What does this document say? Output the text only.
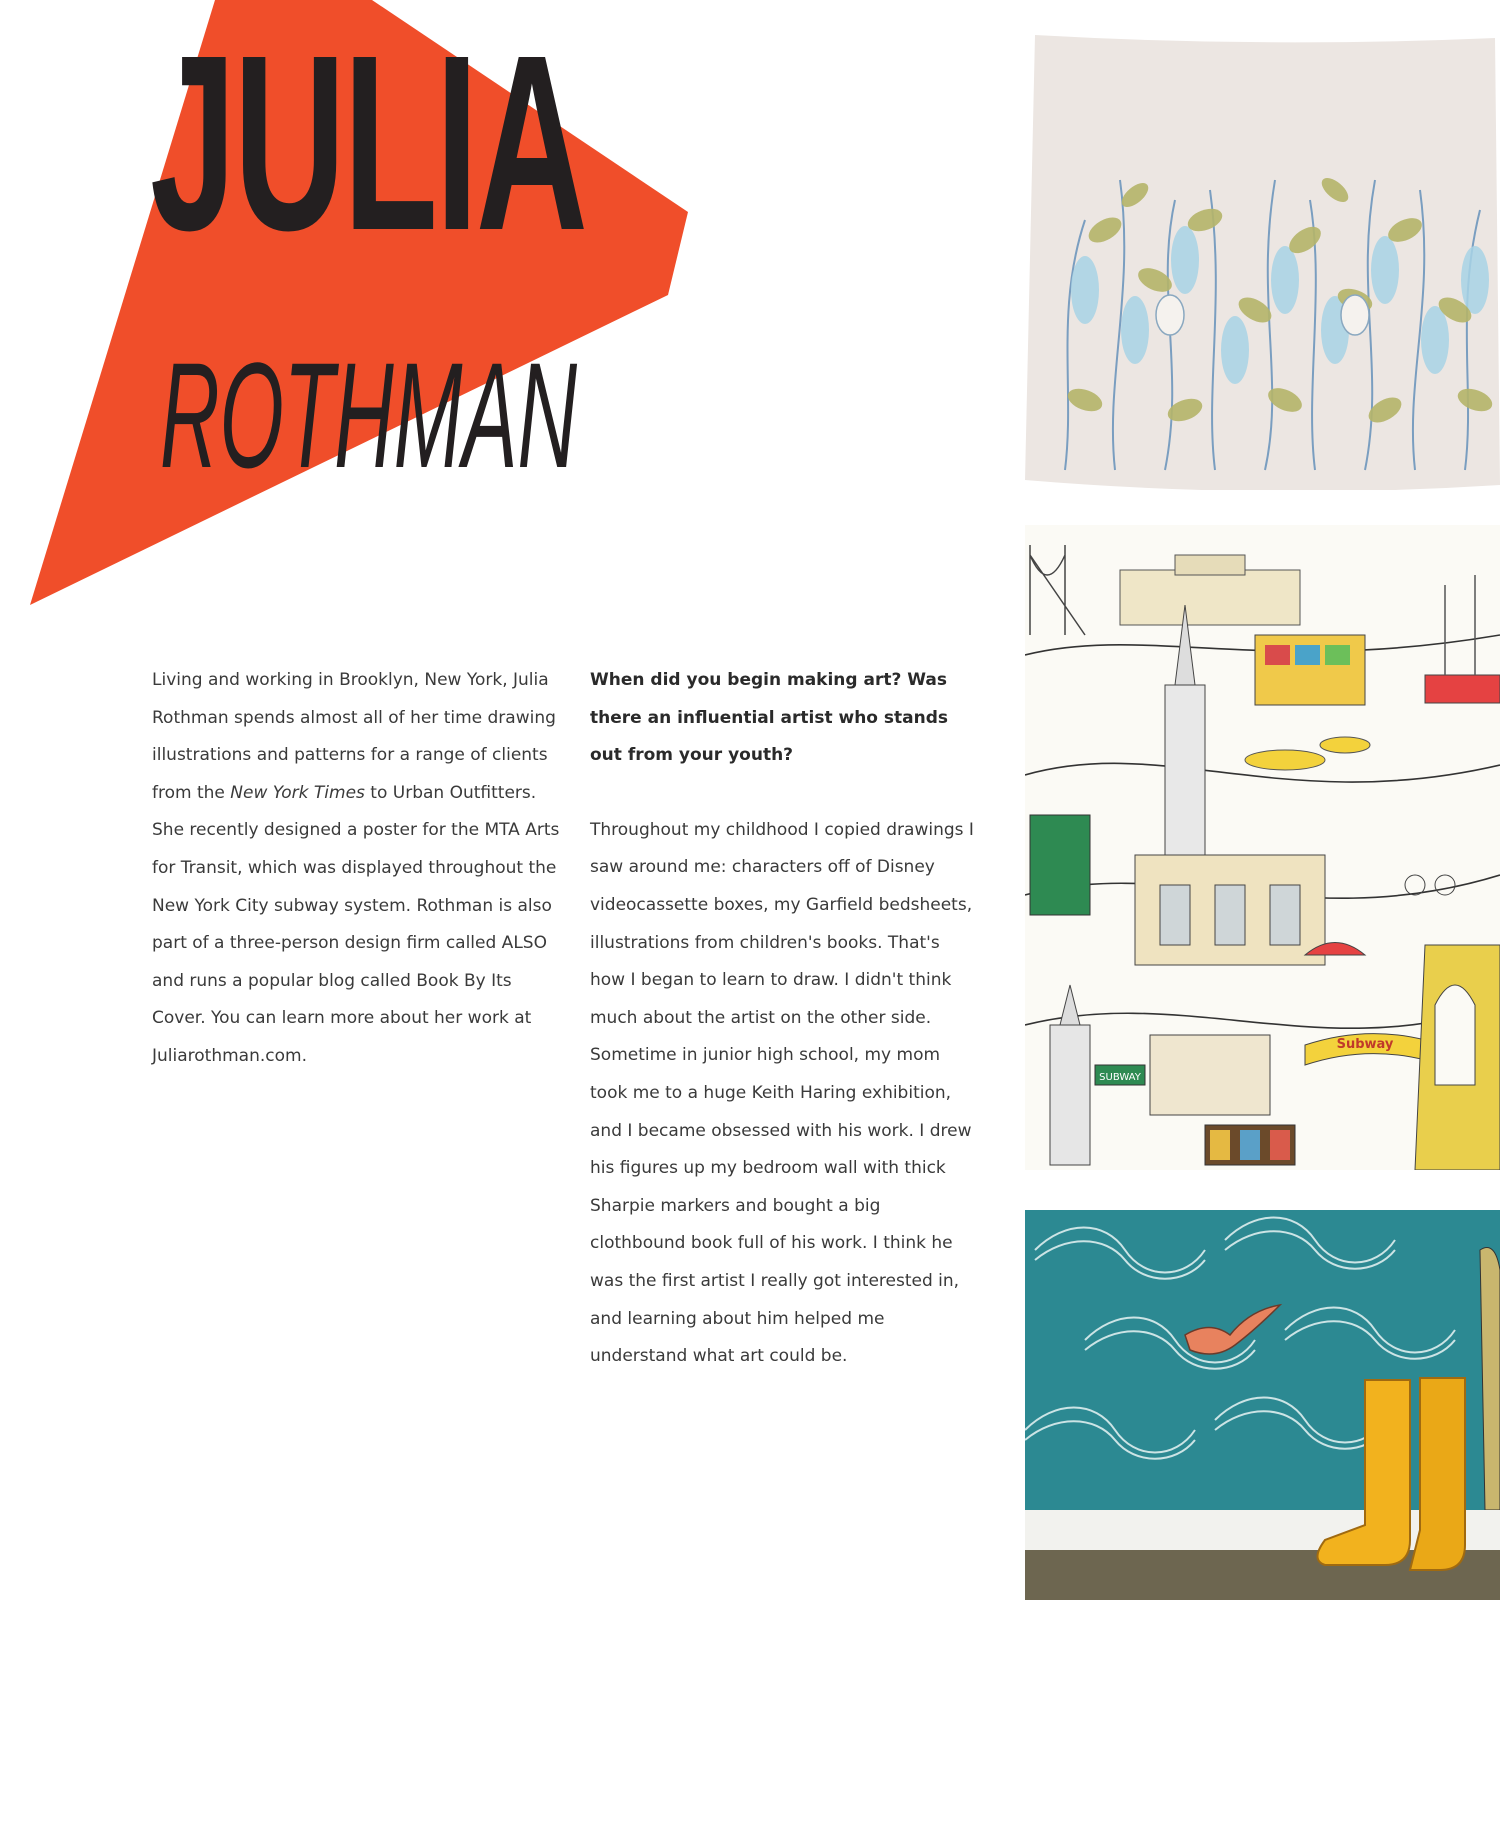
JULIA
ROTHMAN

Living and working in Brooklyn, New York, Julia Rothman spends almost all of her time drawing illustrations and patterns for a range of clients from the New York Times to Urban Outfitters. She recently designed a poster for the MTA Arts for Transit, which was displayed throughout the New York City subway system. Rothman is also part of a three-person design firm called ALSO and runs a popular blog called Book By Its Cover. You can learn more about her work at Juliarothman.com.

When did you begin making art? Was there an influential artist who stands out from your youth?

Throughout my childhood I copied drawings I saw around me: characters off of Disney videocassette boxes, my Garfield bedsheets, illustrations from children's books. That's how I began to learn to draw. I didn't think much about the artist on the other side. Sometime in junior high school, my mom took me to a huge Keith Haring exhibition, and I became obsessed with his work. I drew his figures up my bedroom wall with thick Sharpie markers and bought a big clothbound book full of his work. I think he was the first artist I really got interested in, and learning about him helped me understand what art could be.

SUBWAY
Subway
